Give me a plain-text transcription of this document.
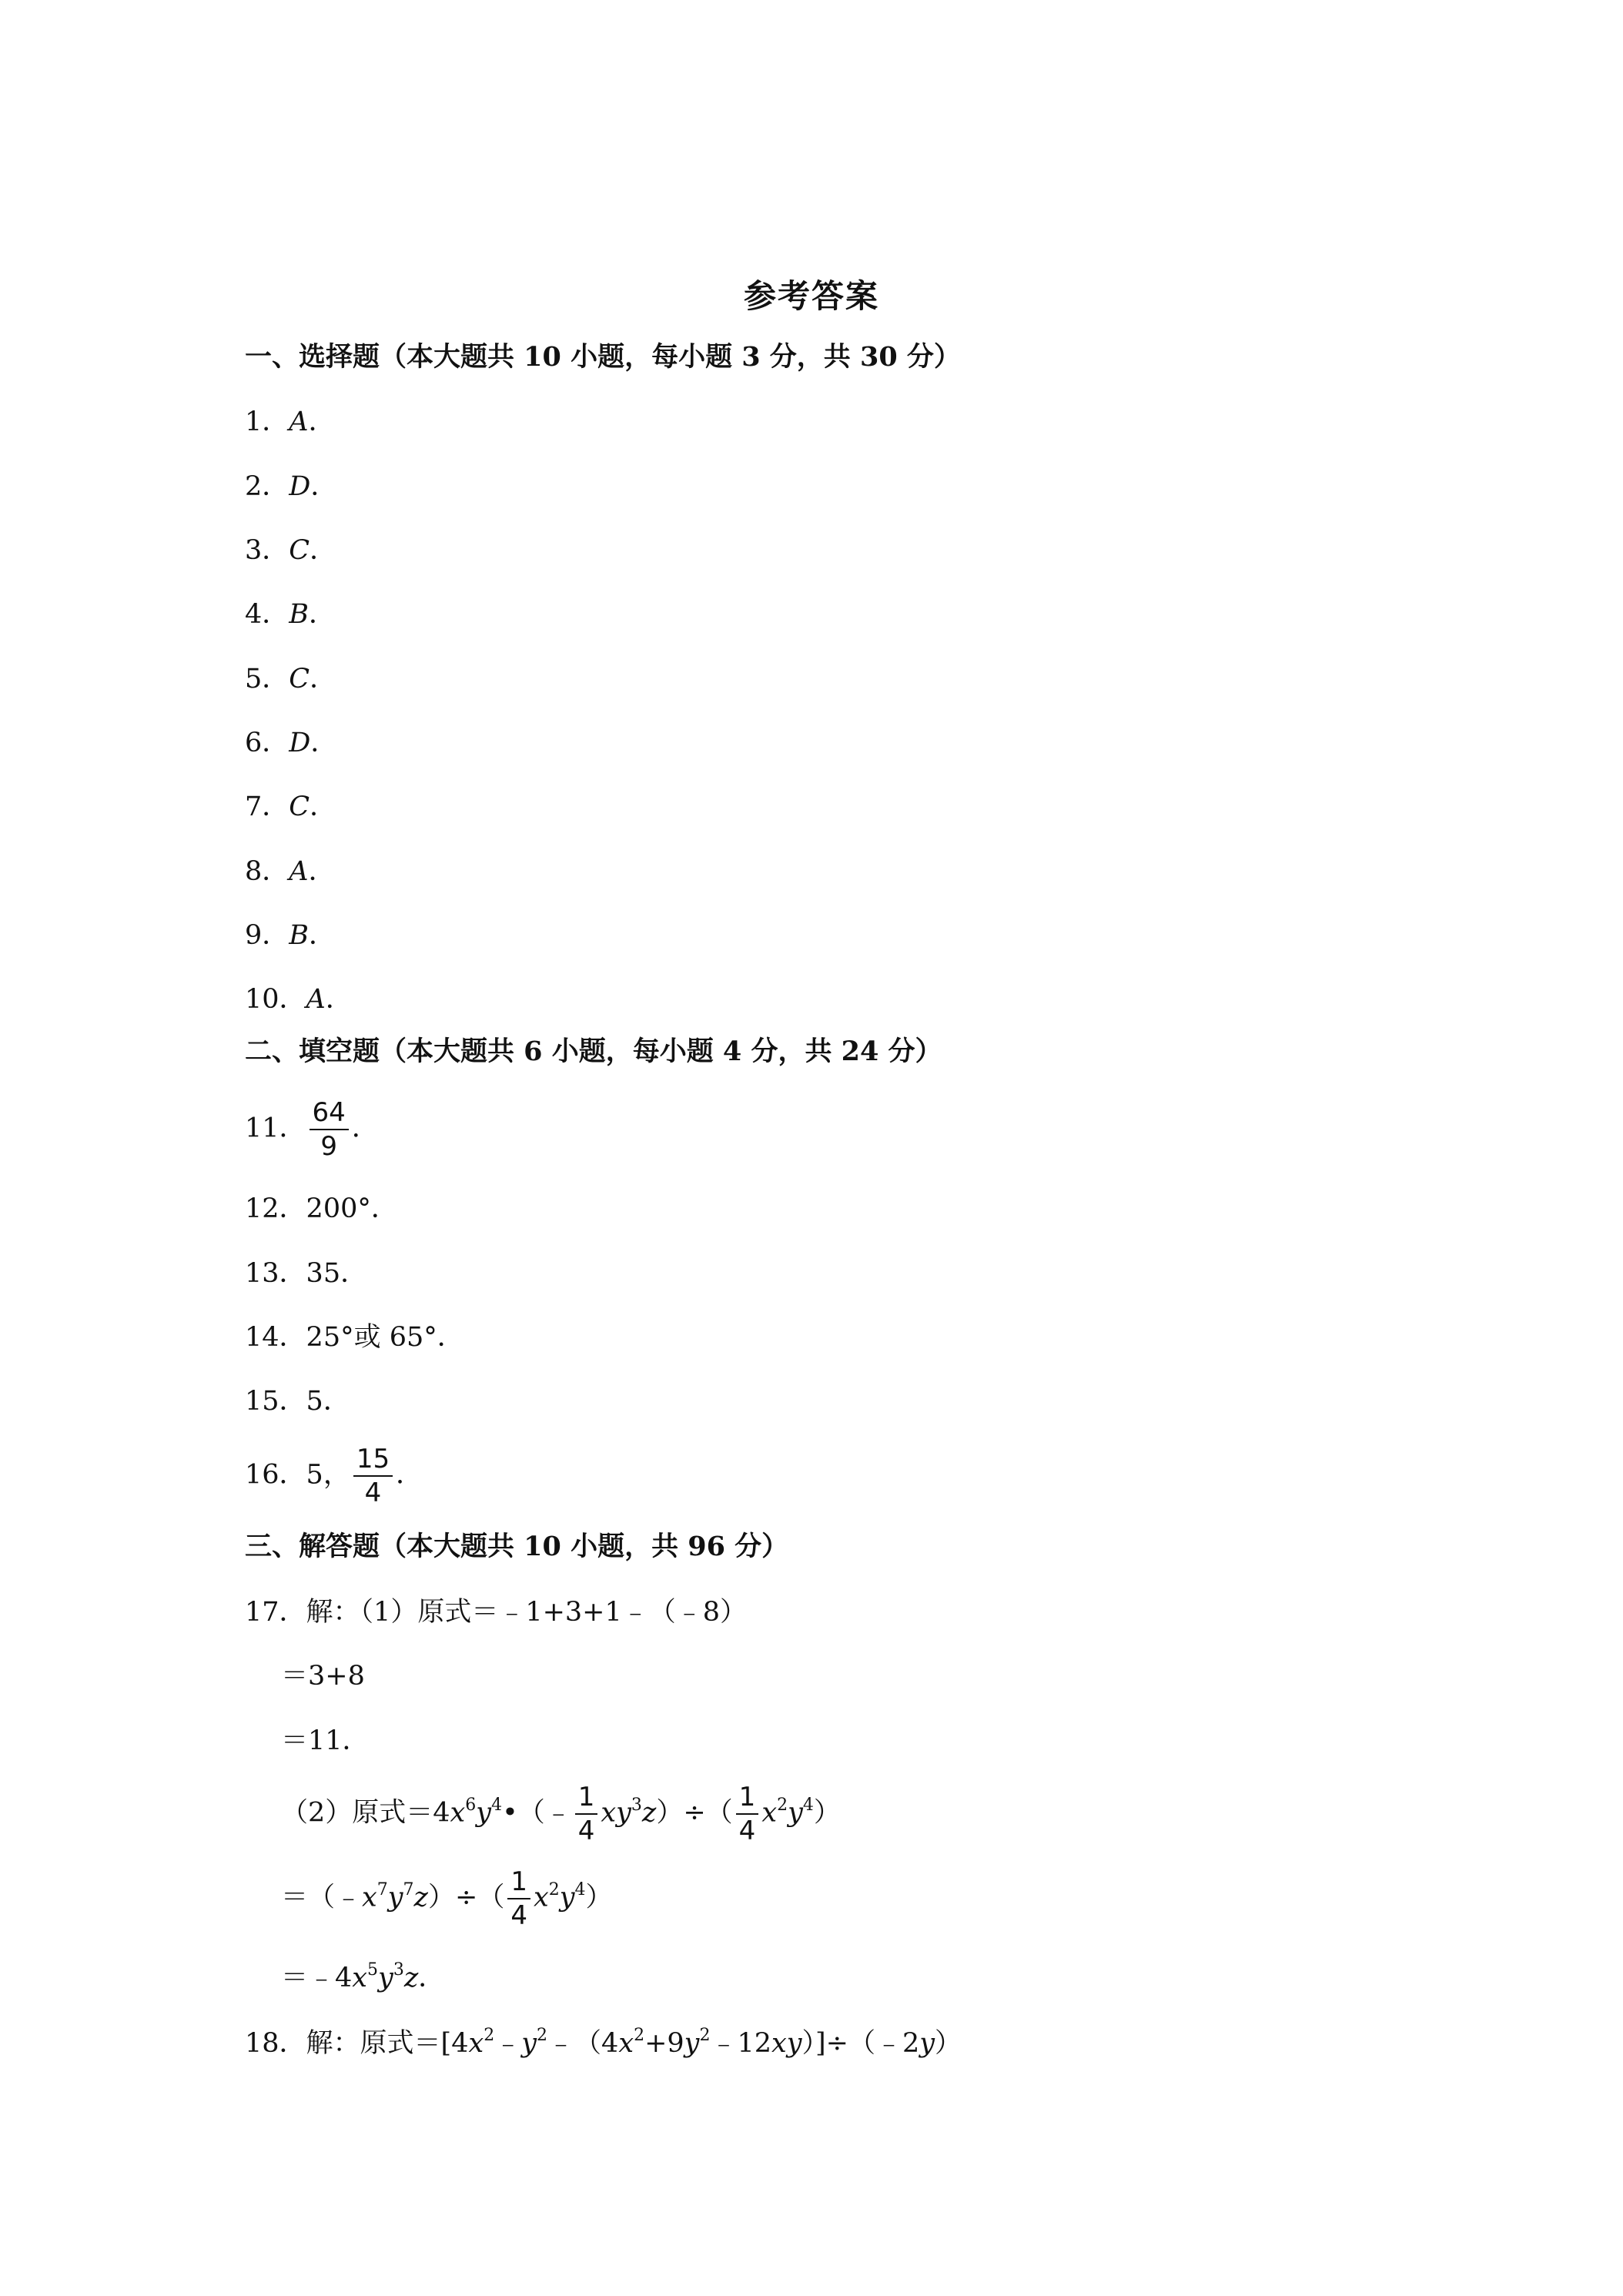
参考答案
一、选择题（本大题共 10 小题，每小题 3 分，共 30 分）
1．A．
2．D．
3．C．
4．B．
5．C．
6．D．
7．C．
8．A．
9．B．
10．A．
二、填空题（本大题共 6 小题，每小题 4 分，共 24 分）
11． $\frac{64}{9}$ ．
12．200°．
13．35．
14．25°或 65°．
15．5．
16．5， $\frac{15}{4}$ ．
三、解答题（本大题共 10 小题，共 96 分）
17．解：（1）原式＝﹣1+3+1﹣（﹣8）
＝3+8
＝11．
（2）原式$=4x^6y^4•(﹣ \frac{1}{4} xy^3z)\div( \frac{1}{4} x^2y^4)$
$=(﹣x^7y^7z)\div( \frac{1}{4} x^2y^4)$
$=﹣4x^5y^3z$．
18．解：原式$=[4x^2﹣y^2﹣(4x^2+9y^2﹣12xy)]\div(﹣2y)$
